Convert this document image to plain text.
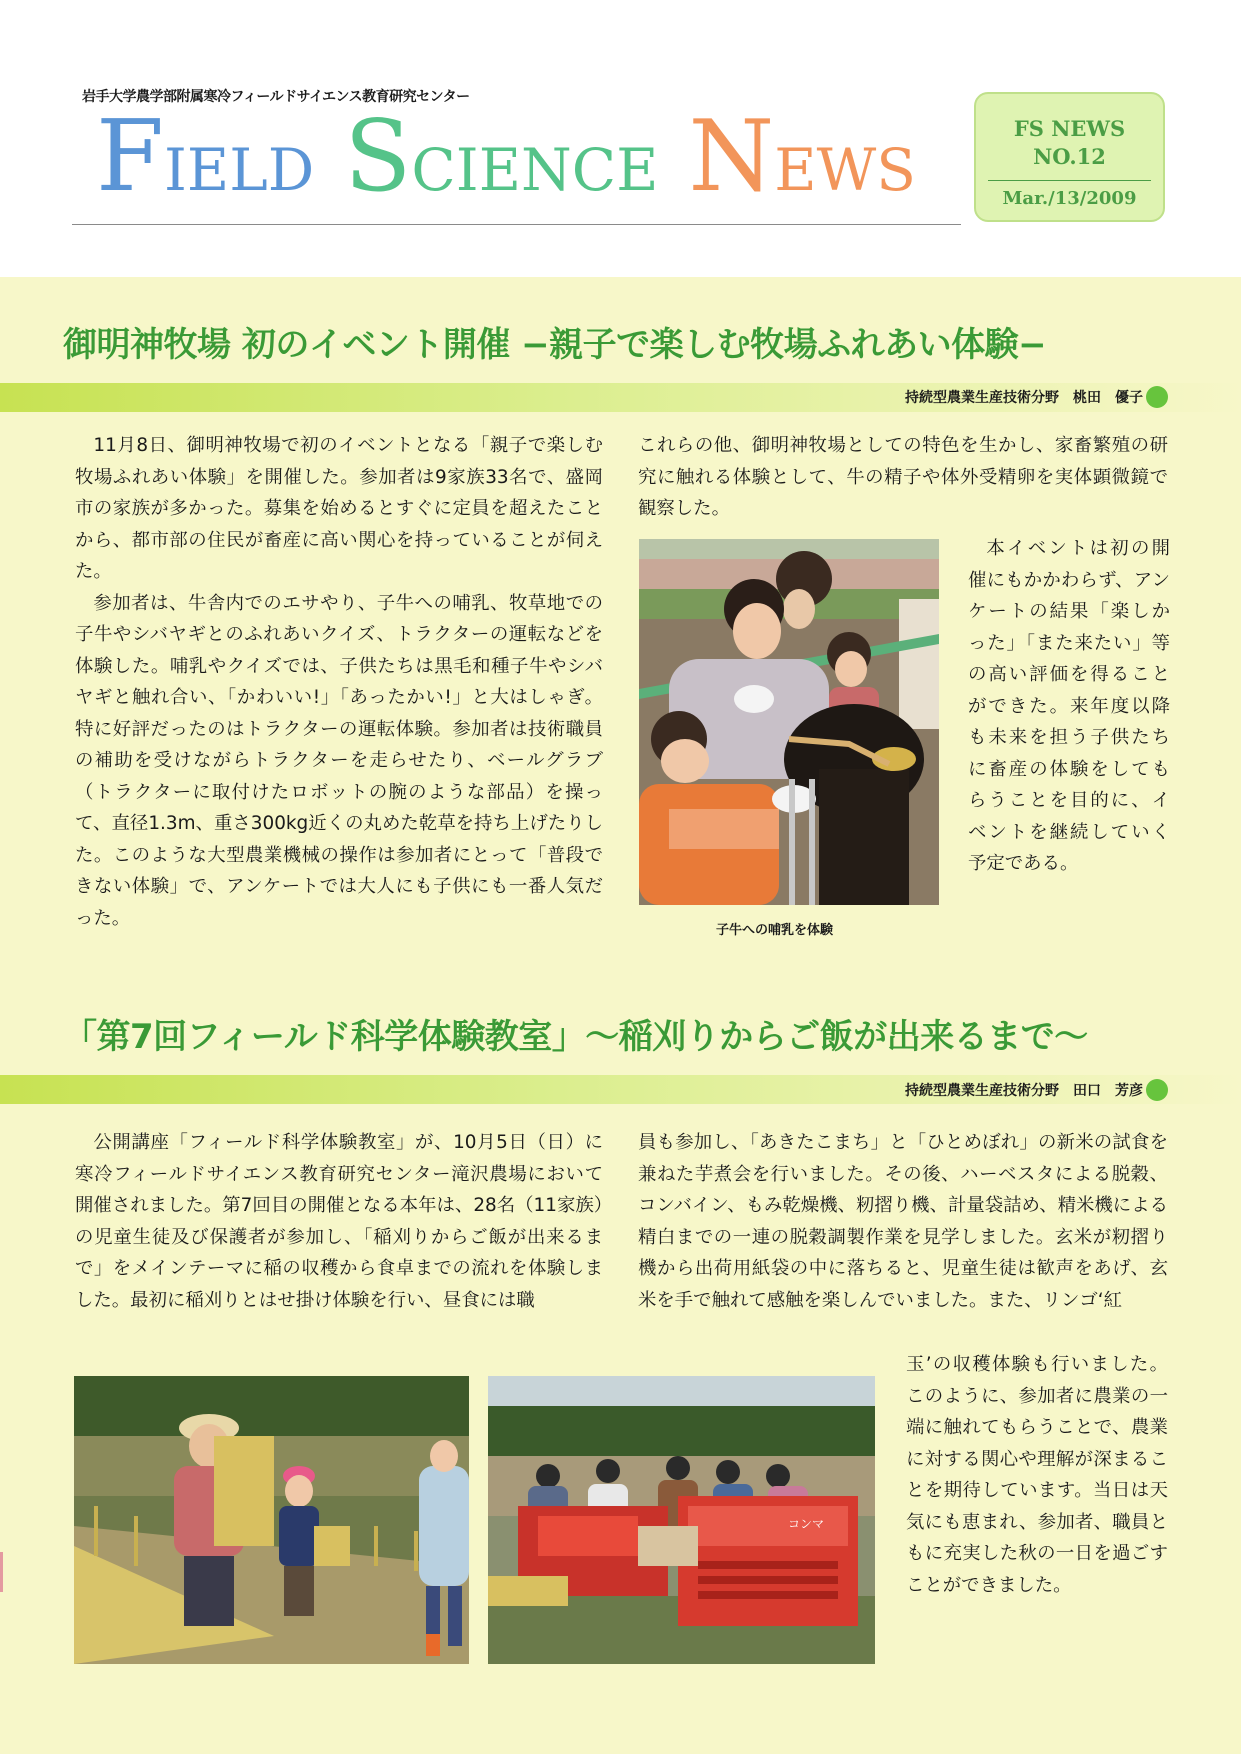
岩手大学農学部附属寒冷フィールドサイエンス教育研究センター
FIELD SCIENCE NEWS
FS NEWS
NO.12
Mar./13/2009
御明神牧場 初のイベント開催 −親子で楽しむ牧場ふれあい体験−
持続型農業生産技術分野　桃田　優子

11月8日、御明神牧場で初のイベントとなる「親子で楽しむ牧場ふれあい体験」を開催した。参加者は9家族33名で、盛岡市の家族が多かった。募集を始めるとすぐに定員を超えたことから、都市部の住民が畜産に高い関心を持っていることが伺えた。

参加者は、牛舎内でのエサやり、子牛への哺乳、牧草地での子牛やシバヤギとのふれあいクイズ、トラクターの運転などを体験した。哺乳やクイズでは、子供たちは黒毛和種子牛やシバヤギと触れ合い、「かわいい!」「あったかい!」と大はしゃぎ。特に好評だったのはトラクターの運転体験。参加者は技術職員の補助を受けながらトラクターを走らせたり、ベールグラブ（トラクターに取付けたロボットの腕のような部品）を操って、直径1.3m、重さ300kg近くの丸めた乾草を持ち上げたりした。このような大型農業機械の操作は参加者にとって「普段できない体験」で、アンケートでは大人にも子供にも一番人気だった。

これらの他、御明神牧場としての特色を生かし、家畜繁殖の研究に触れる体験として、牛の精子や体外受精卵を実体顕微鏡で観察した。

子牛への哺乳を体験

本イベントは初の開催にもかかわらず、アンケートの結果「楽しかった」「また来たい」等の高い評価を得ることができた。来年度以降も未来を担う子供たちに畜産の体験をしてもらうことを目的に、イベントを継続していく予定である。

「第7回フィールド科学体験教室」〜稲刈りからご飯が出来るまで〜
持続型農業生産技術分野　田口　芳彦

公開講座「フィールド科学体験教室」が、10月5日（日）に寒冷フィールドサイエンス教育研究センター滝沢農場において開催されました。第7回目の開催となる本年は、28名（11家族）の児童生徒及び保護者が参加し、「稲刈りからご飯が出来るまで」をメインテーマに稲の収穫から食卓までの流れを体験しました。最初に稲刈りとはせ掛け体験を行い、昼食には職

員も参加し、「あきたこまち」と「ひとめぼれ」の新米の試食を兼ねた芋煮会を行いました。その後、ハーベスタによる脱穀、コンバイン、もみ乾燥機、籾摺り機、計量袋詰め、精米機による精白までの一連の脱穀調製作業を見学しました。玄米が籾摺り機から出荷用紙袋の中に落ちると、児童生徒は歓声をあげ、玄米を手で触れて感触を楽しんでいました。また、リンゴ‘紅

玉’の収穫体験も行いました。このように、参加者に農業の一端に触れてもらうことで、農業に対する関心や理解が深まることを期待しています。当日は天気にも恵まれ、参加者、職員ともに充実した秋の一日を過ごすことができました。

コンマ
